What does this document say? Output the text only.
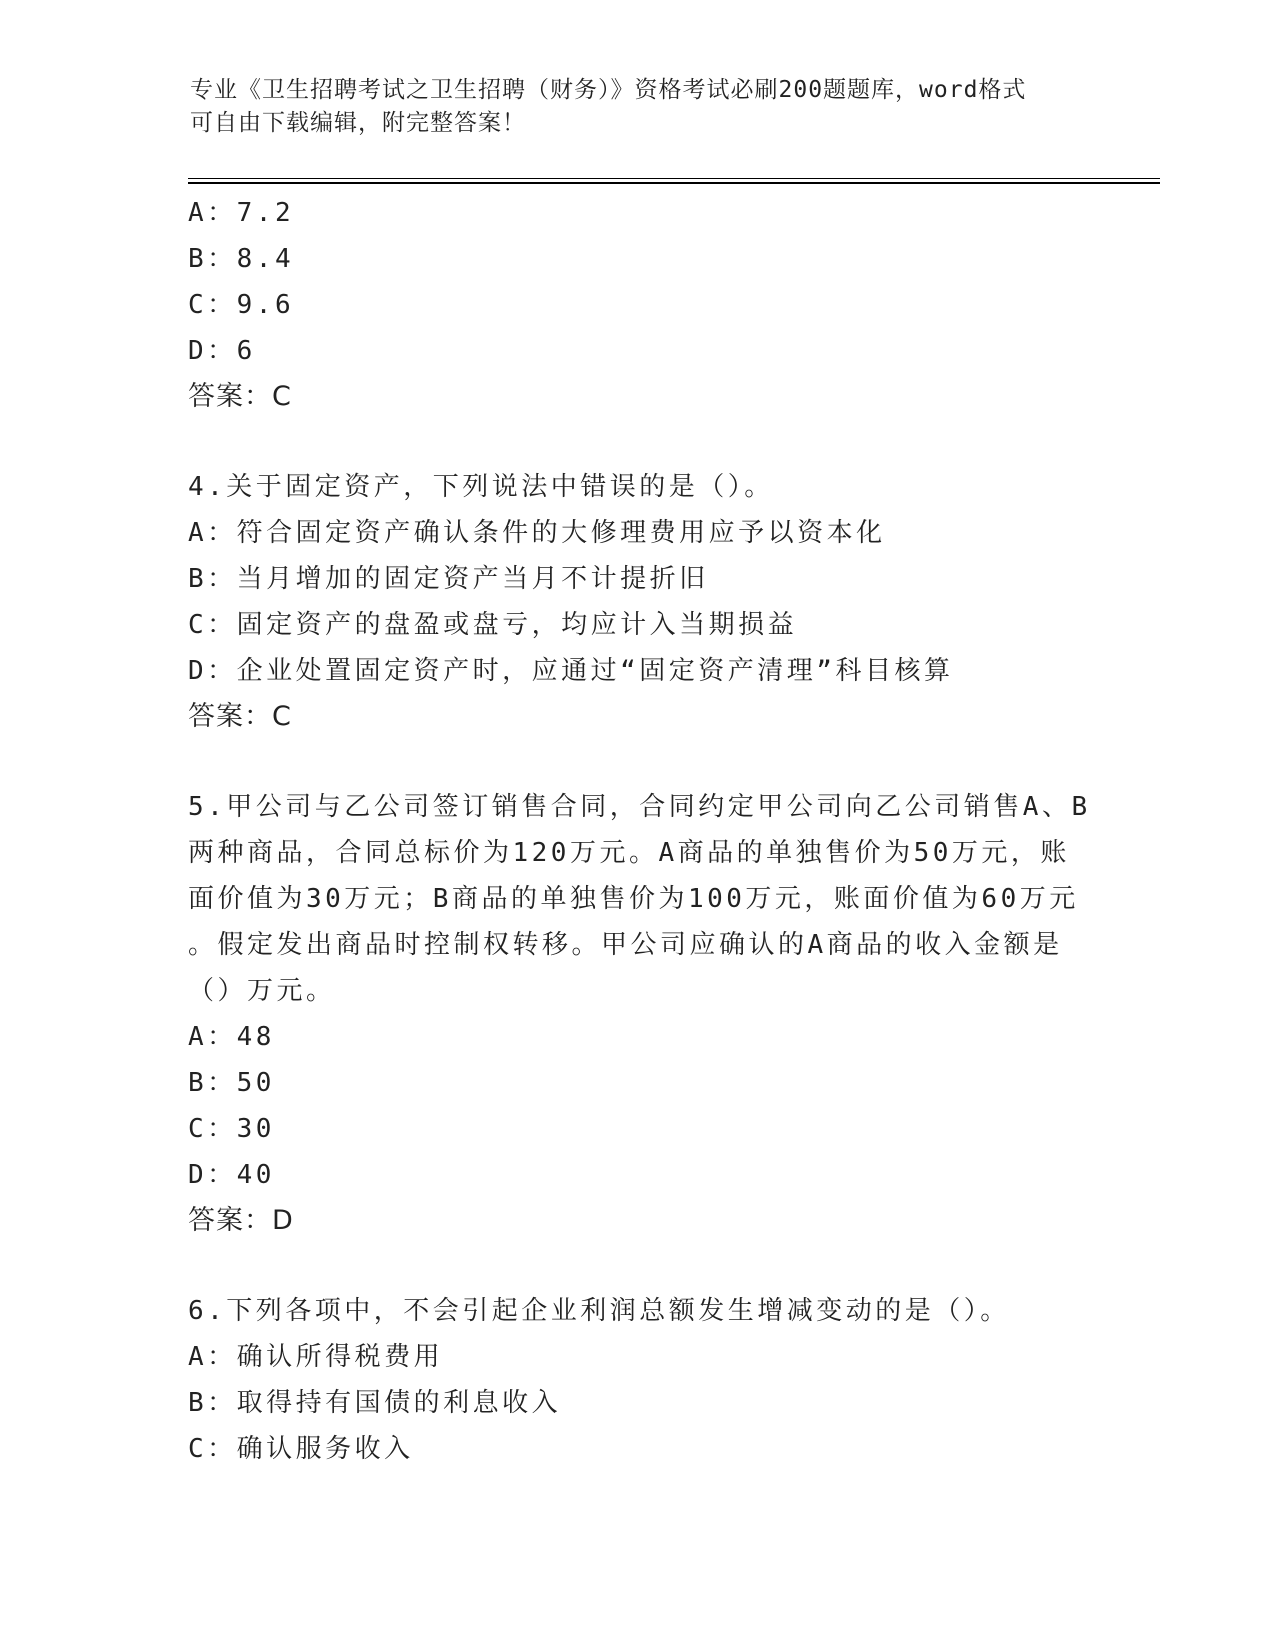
专业《卫生招聘考试之卫生招聘（财务）》资格考试必刷200题题库，word格式
可自由下载编辑，附完整答案！
A：7.2
B：8.4
C：9.6
D：6
答案：C
4.关于固定资产，下列说法中错误的是（）。
A：符合固定资产确认条件的大修理费用应予以资本化
B：当月增加的固定资产当月不计提折旧
C：固定资产的盘盈或盘亏，均应计入当期损益
D：企业处置固定资产时，应通过“固定资产清理”科目核算
答案：C
5.甲公司与乙公司签订销售合同，合同约定甲公司向乙公司销售A、B
两种商品，合同总标价为120万元。A商品的单独售价为50万元，账
面价值为30万元；B商品的单独售价为100万元，账面价值为60万元
。假定发出商品时控制权转移。甲公司应确认的A商品的收入金额是
（）万元。
A：48
B：50
C：30
D：40
答案：D
6.下列各项中，不会引起企业利润总额发生增减变动的是（）。
A：确认所得税费用
B：取得持有国债的利息收入
C：确认服务收入
